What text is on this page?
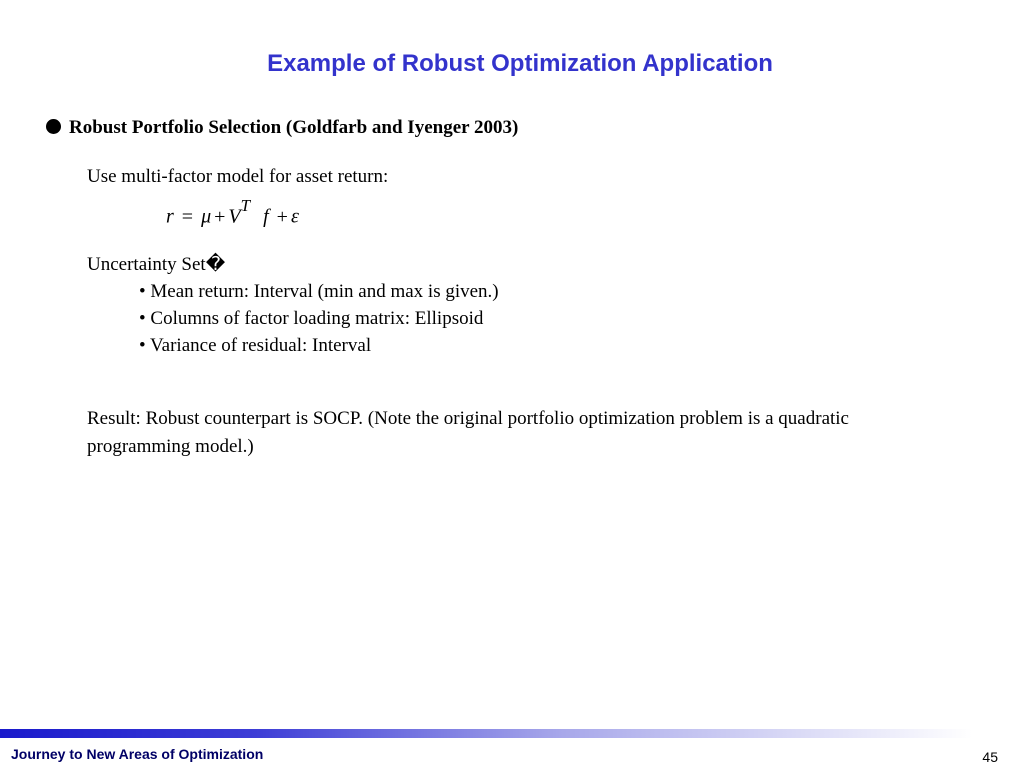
Example of Robust Optimization Application
Robust Portfolio Selection (Goldfarb and Iyenger 2003)
Use multi-factor model for asset return:
$r = \mu + V^T$ f + ε
Uncertainty Set�
• Mean return: Interval (min and max is given.)
• Columns of factor loading matrix: Ellipsoid
• Variance of residual: Interval
Result: Robust counterpart is SOCP. (Note the original portfolio optimization problem is a quadratic programming model.)
Journey to New Areas of Optimization	45
